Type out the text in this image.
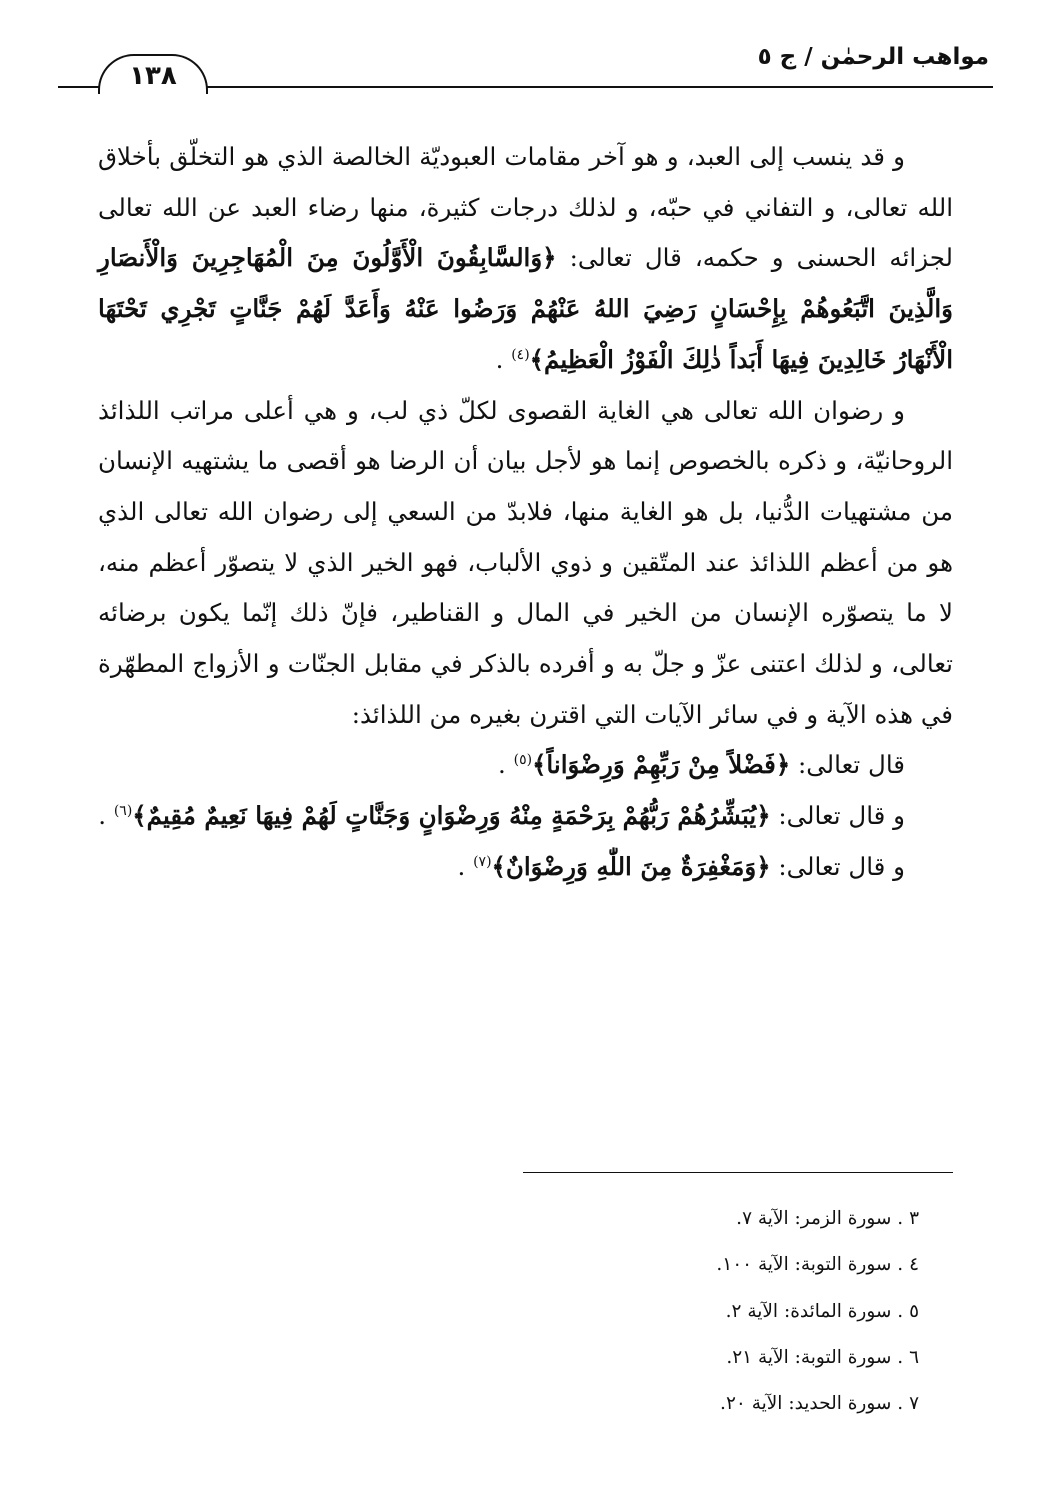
مواهب الرحمٰن / ج ٥
١٣٨

و قد ينسب إلى العبد، و هو آخر مقامات العبوديّة الخالصة الذي هو التخلّق بأخلاق الله تعالى، و التفاني في حبّه، و لذلك درجات كثيرة، منها رضاء العبد عن الله تعالى لجزائه الحسنى و حكمه، قال تعالى: ﴿وَالسَّابِقُونَ الْأَوَّلُونَ مِنَ الْمُهَاجِرِينَ وَالْأَنصَارِ وَالَّذِينَ اتَّبَعُوهُمْ بِإِحْسَانٍ رَضِيَ اللهُ عَنْهُمْ وَرَضُوا عَنْهُ وَأَعَدَّ لَهُمْ جَنَّاتٍ تَجْرِي تَحْتَهَا الْأَنْهَارُ خَالِدِينَ فِيهَا أَبَداً ذٰلِكَ الْفَوْزُ الْعَظِيمُ﴾$^{(٤)}$ .

و رضوان الله تعالى هي الغاية القصوى لكلّ ذي لب، و هي أعلى مراتب اللذائذ الروحانيّة، و ذكره بالخصوص إنما هو لأجل بيان أن الرضا هو أقصى ما يشتهيه الإنسان من مشتهيات الدُّنيا، بل هو الغاية منها، فلابدّ من السعي إلى رضوان الله تعالى الذي هو من أعظم اللذائذ عند المتّقين و ذوي الألباب، فهو الخير الذي لا يتصوّر أعظم منه، لا ما يتصوّره الإنسان من الخير في المال و القناطير، فإنّ ذلك إنّما يكون برضائه تعالى، و لذلك اعتنى عزّ و جلّ به و أفرده بالذكر في مقابل الجنّات و الأزواج المطهّرة في هذه الآية و في سائر الآيات التي اقترن بغيره من اللذائذ:

قال تعالى: ﴿فَضْلاً مِنْ رَبِّهِمْ وَرِضْوَاناً﴾$^{(٥)}$ .

و قال تعالى: ﴿يُبَشِّرُهُمْ رَبُّهُمْ بِرَحْمَةٍ مِنْهُ وَرِضْوَانٍ وَجَنَّاتٍ لَهُمْ فِيهَا نَعِيمٌ مُقِيمٌ﴾$^{(٦)}$ .

و قال تعالى: ﴿وَمَغْفِرَةٌ مِنَ اللّٰهِ وَرِضْوَانٌ﴾$^{(٧)}$ .

٣ . سورة الزمر: الآية ٧.
٤ . سورة التوبة: الآية ١٠٠.
٥ . سورة المائدة: الآية ٢.
٦ . سورة التوبة: الآية ٢١.
٧ . سورة الحديد: الآية ٢٠.
